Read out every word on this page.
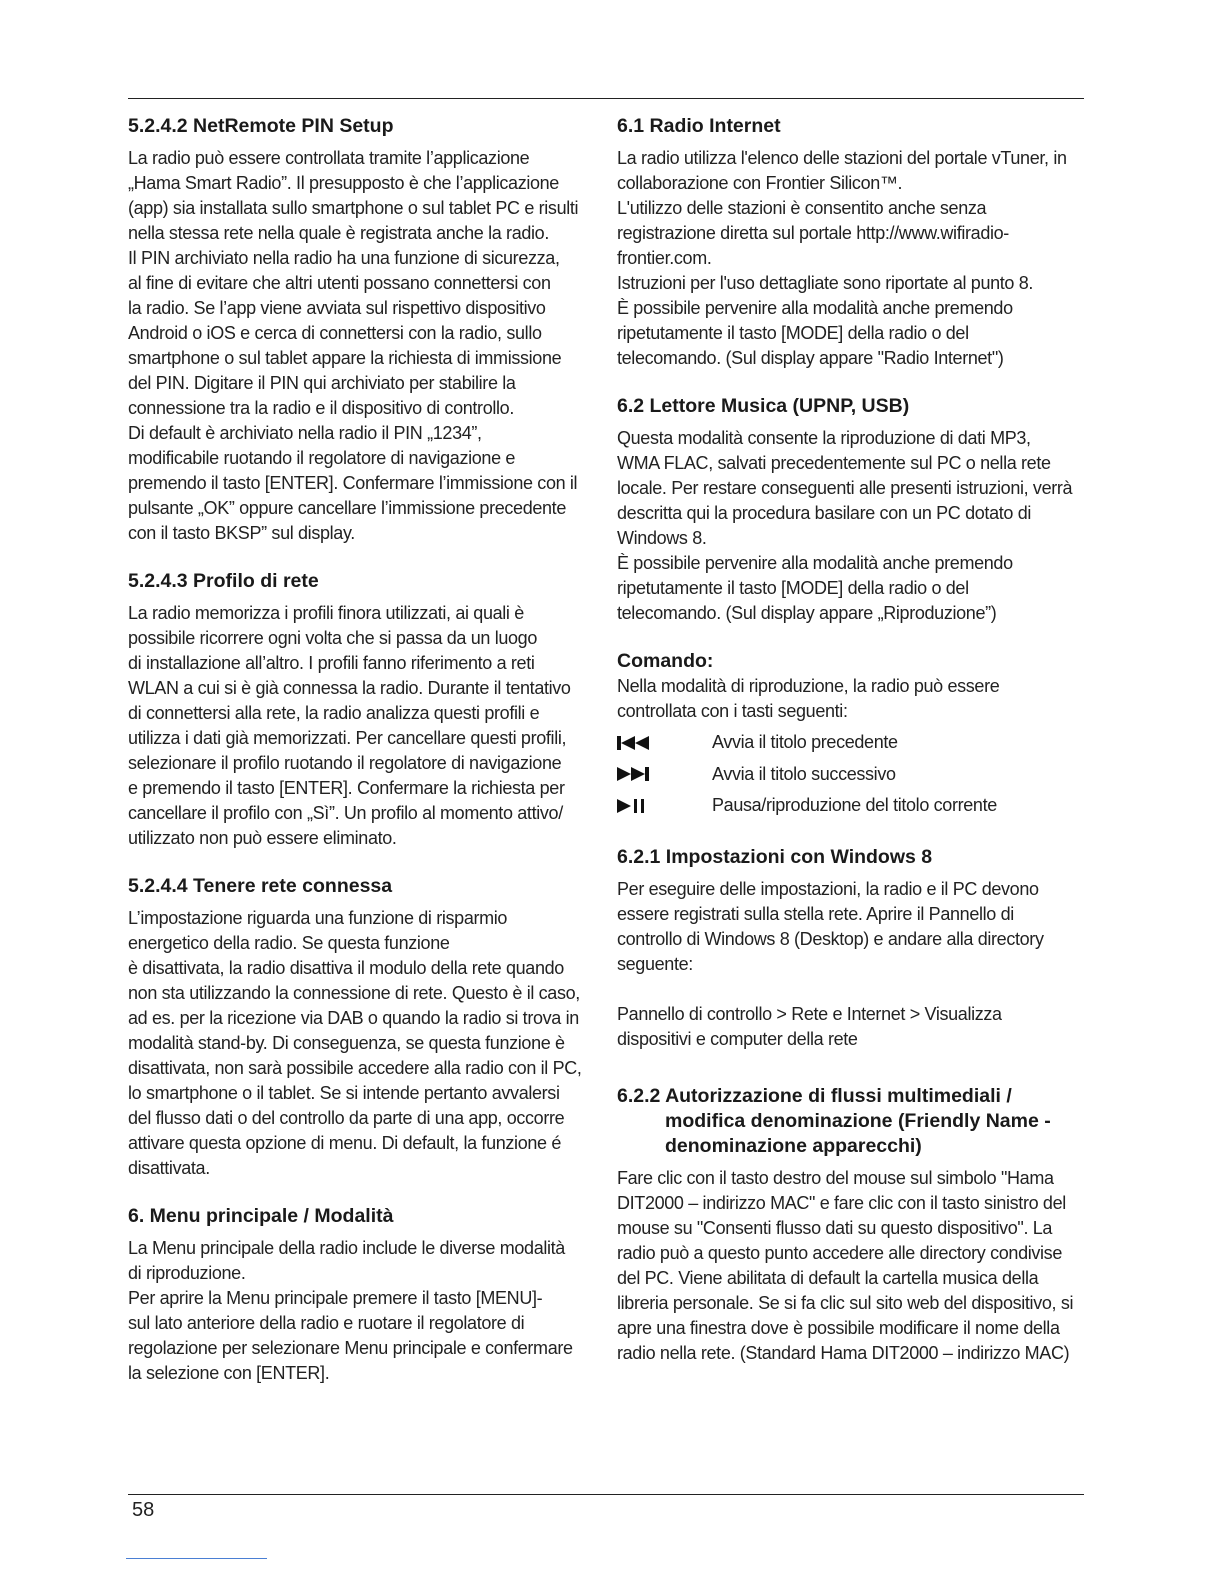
5.2.4.2 NetRemote PIN Setup

La radio può essere controllata tramite l’applicazione

„Hama Smart Radio”. Il presupposto è che l’applicazione

(app) sia installata sullo smartphone o sul tablet PC e risulti

nella stessa rete nella quale è registrata anche la radio.

Il PIN archiviato nella radio ha una funzione di sicurezza,

al fine di evitare che altri utenti possano connettersi con

la radio. Se l’app viene avviata sul rispettivo dispositivo

Android o iOS e cerca di connettersi con la radio, sullo

smartphone o sul tablet appare la richiesta di immissione

del PIN. Digitare il PIN qui archiviato per stabilire la

connessione tra la radio e il dispositivo di controllo.

Di default è archiviato nella radio il PIN „1234”,

modificabile ruotando il regolatore di navigazione e

premendo il tasto [ENTER]. Confermare l’immissione con il

pulsante „OK” oppure cancellare l’immissione precedente

con il tasto BKSP” sul display.

5.2.4.3 Profilo di rete

La radio memorizza i profili finora utilizzati, ai quali è

possibile ricorrere ogni volta che si passa da un luogo

di installazione all’altro. I profili fanno riferimento a reti

WLAN a cui si è già connessa la radio. Durante il tentativo

di connettersi alla rete, la radio analizza questi profili e

utilizza i dati già memorizzati. Per cancellare questi profili,

selezionare il profilo ruotando il regolatore di navigazione

e premendo il tasto [ENTER]. Confermare la richiesta per

cancellare il profilo con „Sì”. Un profilo al momento attivo/

utilizzato non può essere eliminato.

5.2.4.4 Tenere rete connessa

L’impostazione riguarda una funzione di risparmio

energetico della radio. Se questa funzione

è disattivata, la radio disattiva il modulo della rete quando

non sta utilizzando la connessione di rete. Questo è il caso,

ad es. per la ricezione via DAB o quando la radio si trova in

modalità stand-by. Di conseguenza, se questa funzione è

disattivata, non sarà possibile accedere alla radio con il PC,

lo smartphone o il tablet. Se si intende pertanto avvalersi

del flusso dati o del controllo da parte di una app, occorre

attivare questa opzione di menu. Di default, la funzione é

disattivata.

6. Menu principale / Modalità

La Menu principale della radio include le diverse modalità

di riproduzione.

Per aprire la Menu principale premere il tasto [MENU]-

sul lato anteriore della radio e ruotare il regolatore di

regolazione per selezionare Menu principale e confermare

la selezione con [ENTER].

6.1 Radio Internet

La radio utilizza l'elenco delle stazioni del portale vTuner, in

collaborazione con Frontier Silicon™.

L'utilizzo delle stazioni è consentito anche senza

registrazione diretta sul portale http://www.wifiradio-

frontier.com.

Istruzioni per l'uso dettagliate sono riportate al punto 8.

È possibile pervenire alla modalità anche premendo

ripetutamente il tasto [MODE] della radio o del

telecomando. (Sul display appare "Radio Internet")

6.2 Lettore Musica (UPNP, USB)

Questa modalità consente la riproduzione di dati MP3,

WMA FLAC, salvati precedentemente sul PC o nella rete

locale. Per restare conseguenti alle presenti istruzioni, verrà

descritta qui la procedura basilare con un PC dotato di

Windows 8.

È possibile pervenire alla modalità anche premendo

ripetutamente il tasto [MODE] della radio o del

telecomando. (Sul display appare „Riproduzione”)

Comando:

Nella modalità di riproduzione, la radio può essere

controllata con i tasti seguenti:

Avvia il titolo precedente
Avvia il titolo successivo
Pausa/riproduzione del titolo corrente
6.2.1 Impostazioni con Windows 8

Per eseguire delle impostazioni, la radio e il PC devono

essere registrati sulla stella rete. Aprire il Pannello di

controllo di Windows 8 (Desktop) e andare alla directory

seguente:

Pannello di controllo > Rete e Internet > Visualizza

dispositivi e computer della rete

6.2.2 Autorizzazione di flussi multimediali / modifica denominazione (Friendly Name - denominazione apparecchi)

Fare clic con il tasto destro del mouse sul simbolo "Hama

DIT2000 – indirizzo MAC" e fare clic con il tasto sinistro del

mouse su "Consenti flusso dati su questo dispositivo". La

radio può a questo punto accedere alle directory condivise

del PC. Viene abilitata di default la cartella musica della

libreria personale. Se si fa clic sul sito web del dispositivo, si

apre una finestra dove è possibile modificare il nome della

radio nella rete. (Standard Hama DIT2000 – indirizzo MAC)

58
